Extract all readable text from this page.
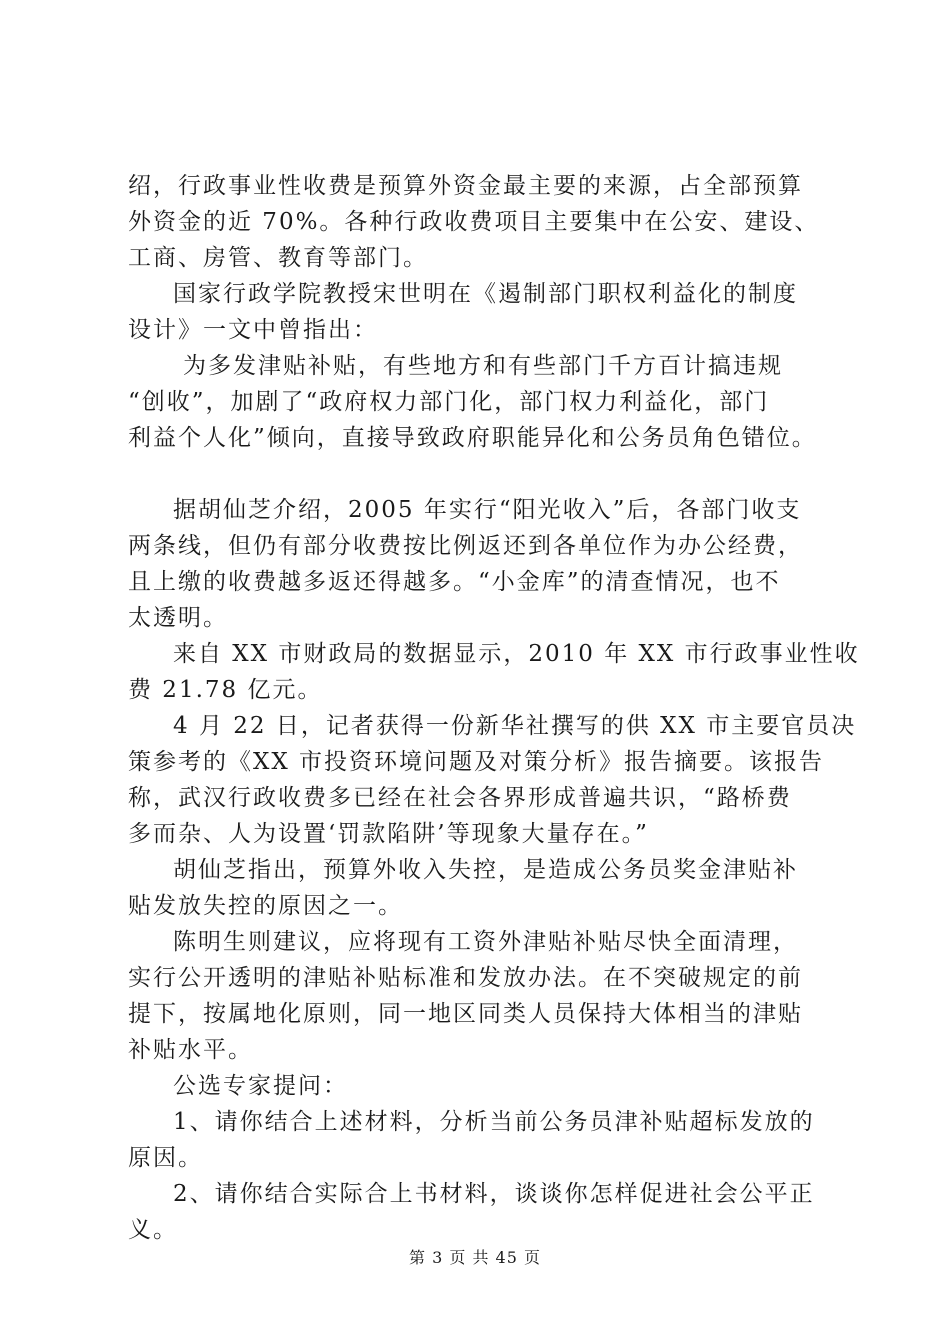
绍，行政事业性收费是预算外资金最主要的来源，占全部预算
外资金的近 70%。各种行政收费项目主要集中在公安、建设、
工商、房管、教育等部门。
国家行政学院教授宋世明在《遏制部门职权利益化的制度
设计》一文中曾指出：
为多发津贴补贴，有些地方和有些部门千方百计搞违规
“创收”，加剧了“政府权力部门化，部门权力利益化，部门
利益个人化”倾向，直接导致政府职能异化和公务员角色错位。
据胡仙芝介绍，2005 年实行“阳光收入”后，各部门收支
两条线，但仍有部分收费按比例返还到各单位作为办公经费，
且上缴的收费越多返还得越多。“小金库”的清查情况，也不
太透明。
来自 XX 市财政局的数据显示，2010 年 XX 市行政事业性收
费 21.78 亿元。
4 月 22 日，记者获得一份新华社撰写的供 XX 市主要官员决
策参考的《XX 市投资环境问题及对策分析》报告摘要。该报告
称，武汉行政收费多已经在社会各界形成普遍共识，“路桥费
多而杂、人为设置‘罚款陷阱’等现象大量存在。”
胡仙芝指出，预算外收入失控，是造成公务员奖金津贴补
贴发放失控的原因之一。
陈明生则建议，应将现有工资外津贴补贴尽快全面清理，
实行公开透明的津贴补贴标准和发放办法。在不突破规定的前
提下，按属地化原则，同一地区同类人员保持大体相当的津贴
补贴水平。
公选专家提问：
1、请你结合上述材料，分析当前公务员津补贴超标发放的
原因。
2、请你结合实际合上书材料，谈谈你怎样促进社会公平正
义。
第 3 页 共 45 页
